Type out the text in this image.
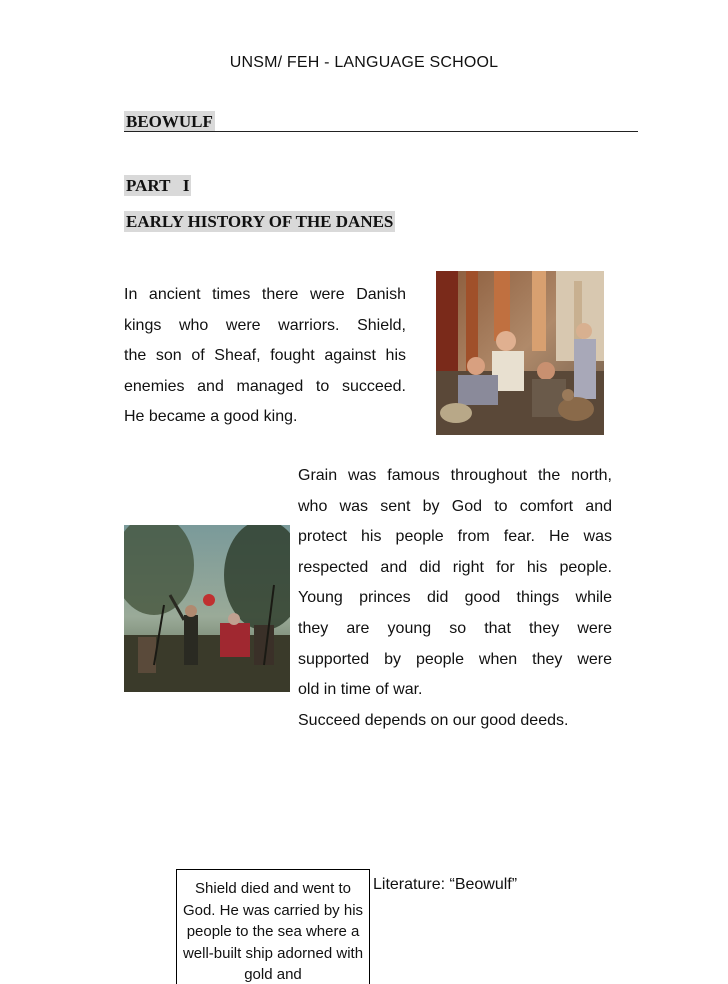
UNSM/ FEH - LANGUAGE SCHOOL
BEOWULF
PART   I
EARLY HISTORY OF THE DANES

In ancient times there were Danish

kings who were warriors. Shield,

the son of Sheaf, fought against his

enemies and managed to succeed.

He became a good king.

Grain was famous throughout the north,

who was sent by God to comfort and

protect his people from fear. He was

respected and did right for his people.

Young princes did good things while

they are young so that they were

supported by people when they were

old in time of war.

Succeed depends on our good deeds.

Literature: “Beowulf”
Shield died and went to God. He was carried by his people to the sea where a well-built ship adorned with gold and
